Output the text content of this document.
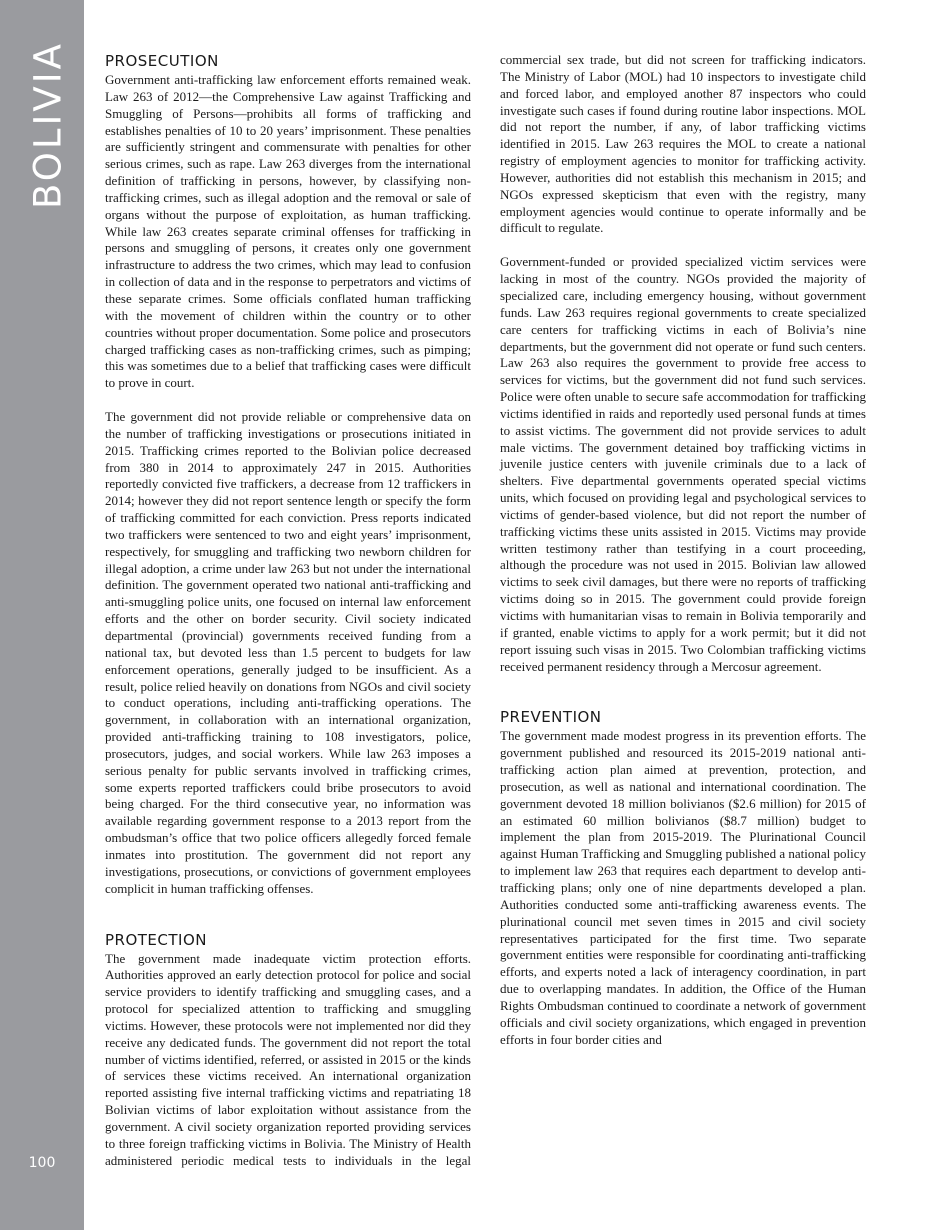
BOLIVIA
100
PROSECUTION

Government anti-trafficking law enforcement efforts remained weak. Law 263 of 2012—the Comprehensive Law against Trafficking and Smuggling of Persons—prohibits all forms of trafficking and establishes penalties of 10 to 20 years’ imprisonment. These penalties are sufficiently stringent and commensurate with penalties for other serious crimes, such as rape. Law 263 diverges from the international definition of trafficking in persons, however, by classifying non-trafficking crimes, such as illegal adoption and the removal or sale of organs without the purpose of exploitation, as human trafficking. While law 263 creates separate criminal offenses for trafficking in persons and smuggling of persons, it creates only one government infrastructure to address the two crimes, which may lead to confusion in collection of data and in the response to perpetrators and victims of these separate crimes. Some officials conflated human trafficking with the movement of children within the country or to other countries without proper documentation. Some police and prosecutors charged trafficking cases as non-trafficking crimes, such as pimping; this was sometimes due to a belief that trafficking cases were difficult to prove in court.

The government did not provide reliable or comprehensive data on the number of trafficking investigations or prosecutions initiated in 2015. Trafficking crimes reported to the Bolivian police decreased from 380 in 2014 to approximately 247 in 2015. Authorities reportedly convicted five traffickers, a decrease from 12 traffickers in 2014; however they did not report sentence length or specify the form of trafficking committed for each conviction. Press reports indicated two traffickers were sentenced to two and eight years’ imprisonment, respectively, for smuggling and trafficking two newborn children for illegal adoption, a crime under law 263 but not under the international definition. The government operated two national anti-trafficking and anti-smuggling police units, one focused on internal law enforcement efforts and the other on border security. Civil society indicated departmental (provincial) governments received funding from a national tax, but devoted less than 1.5 percent to budgets for law enforcement operations, generally judged to be insufficient. As a result, police relied heavily on donations from NGOs and civil society to conduct operations, including anti-trafficking operations. The government, in collaboration with an international organization, provided anti-trafficking training to 108 investigators, police, prosecutors, judges, and social workers. While law 263 imposes a serious penalty for public servants involved in trafficking crimes, some experts reported traffickers could bribe prosecutors to avoid being charged. For the third consecutive year, no information was available regarding government response to a 2013 report from the ombudsman’s office that two police officers allegedly forced female inmates into prostitution. The government did not report any investigations, prosecutions, or convictions of government employees complicit in human trafficking offenses.

PROTECTION

The government made inadequate victim protection efforts. Authorities approved an early detection protocol for police and social service providers to identify trafficking and smuggling cases, and a protocol for specialized attention to trafficking and smuggling victims. However, these protocols were not implemented nor did they receive any dedicated funds. The government did not report the total number of victims identified, referred, or assisted in 2015 or the kinds of services these victims received. An international organization reported assisting five internal trafficking victims and repatriating 18 Bolivian victims of labor exploitation without assistance from the government. A civil society organization reported providing services to three foreign trafficking victims in Bolivia. The Ministry of Health administered periodic medical tests to individuals in the legal

commercial sex trade, but did not screen for trafficking indicators. The Ministry of Labor (MOL) had 10 inspectors to investigate child and forced labor, and employed another 87 inspectors who could investigate such cases if found during routine labor inspections. MOL did not report the number, if any, of labor trafficking victims identified in 2015. Law 263 requires the MOL to create a national registry of employment agencies to monitor for trafficking activity. However, authorities did not establish this mechanism in 2015; and NGOs expressed skepticism that even with the registry, many employment agencies would continue to operate informally and be difficult to regulate.

Government-funded or provided specialized victim services were lacking in most of the country. NGOs provided the majority of specialized care, including emergency housing, without government funds. Law 263 requires regional governments to create specialized care centers for trafficking victims in each of Bolivia’s nine departments, but the government did not operate or fund such centers. Law 263 also requires the government to provide free access to services for victims, but the government did not fund such services. Police were often unable to secure safe accommodation for trafficking victims identified in raids and reportedly used personal funds at times to assist victims. The government did not provide services to adult male victims. The government detained boy trafficking victims in juvenile justice centers with juvenile criminals due to a lack of shelters. Five departmental governments operated special victims units, which focused on providing legal and psychological services to victims of gender-based violence, but did not report the number of trafficking victims these units assisted in 2015. Victims may provide written testimony rather than testifying in a court proceeding, although the procedure was not used in 2015. Bolivian law allowed victims to seek civil damages, but there were no reports of trafficking victims doing so in 2015. The government could provide foreign victims with humanitarian visas to remain in Bolivia temporarily and if granted, enable victims to apply for a work permit; but it did not report issuing such visas in 2015. Two Colombian trafficking victims received permanent residency through a Mercosur agreement.

PREVENTION

The government made modest progress in its prevention efforts. The government published and resourced its 2015-2019 national anti-trafficking action plan aimed at prevention, protection, and prosecution, as well as national and international coordination. The government devoted 18 million bolivianos ($2.6 million) for 2015 of an estimated 60 million bolivianos ($8.7 million) budget to implement the plan from 2015-2019. The Plurinational Council against Human Trafficking and Smuggling published a national policy to implement law 263 that requires each department to develop anti-trafficking plans; only one of nine departments developed a plan. Authorities conducted some anti-trafficking awareness events. The plurinational council met seven times in 2015 and civil society representatives participated for the first time. Two separate government entities were responsible for coordinating anti-trafficking efforts, and experts noted a lack of interagency coordination, in part due to overlapping mandates. In addition, the Office of the Human Rights Ombudsman continued to coordinate a network of government officials and civil society organizations, which engaged in prevention efforts in four border cities and
